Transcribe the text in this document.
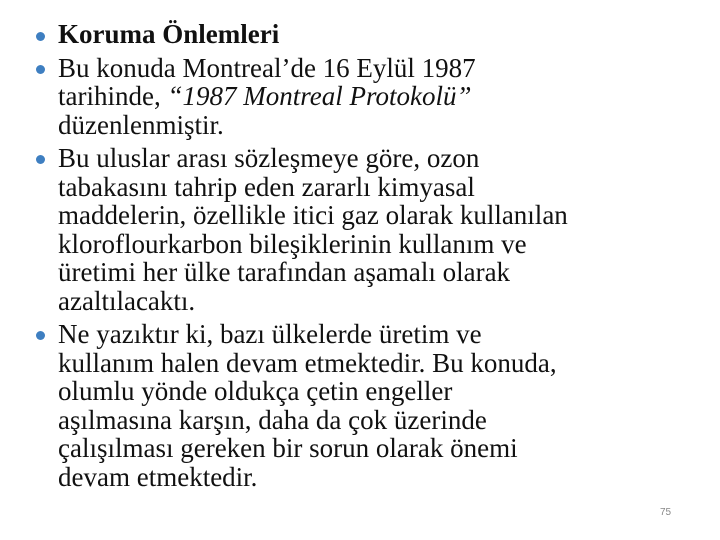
Koruma Önlemleri
Bu konuda Montreal’de 16 Eylül 1987
tarihinde, “1987 Montreal Protokolü”
düzenlenmiştir.
Bu uluslar arası sözleşmeye göre, ozon
tabakasını tahrip eden zararlı kimyasal
maddelerin, özellikle itici gaz olarak kullanılan
kloroflourkarbon bileşiklerinin kullanım ve
üretimi her ülke tarafından aşamalı olarak
azaltılacaktı.
Ne yazıktır ki, bazı ülkelerde üretim ve
kullanım halen devam etmektedir. Bu konuda,
olumlu yönde oldukça çetin engeller
aşılmasına karşın, daha da çok üzerinde
çalışılması gereken bir sorun olarak önemi
devam etmektedir.
75
